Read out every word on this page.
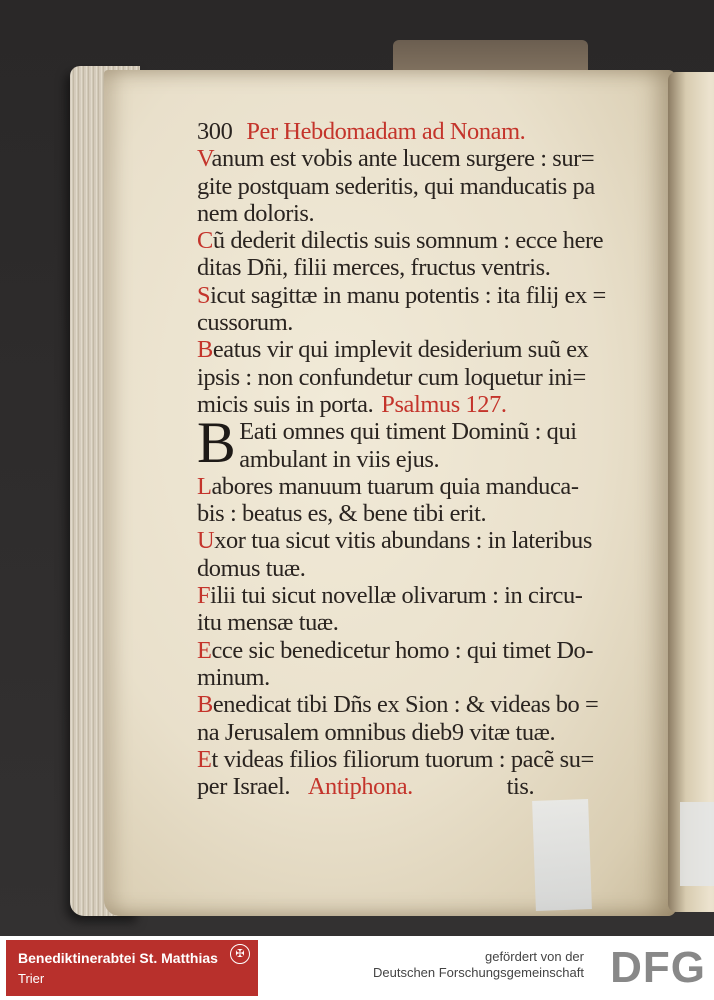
300 Per Hebdomadam ad Nonam.
Vanum est vobis ante lucem surgere : sur=
gite postquam sederitis, qui manducatis pa
nem doloris.
Cũ dederit dilectis suis somnum : ecce here
ditas Dñi, filii merces, fructus ventris.
Sicut sagittæ in manu potentis : ita filij ex =
cussorum.
Beatus vir qui implevit desiderium suũ ex
ipsis : non confundetur cum loquetur ini=
micis suis in porta. Psalmus 127.
B Eati omnes qui timent Dominũ : qui
ambulant in viis ejus.
Labores manuum tuarum quia manduca-
bis : beatus es, & bene tibi erit.
Uxor tua sicut vitis abundans : in lateribus
domus tuæ.
Filii tui sicut novellæ olivarum : in circu-
itu mensæ tuæ.
Ecce sic benedicetur homo : qui timet Do-
minum.
Benedicat tibi Dñs ex Sion : & videas bo =
na Jerusalem omnibus dieb9 vitæ tuæ.
Et videas filios filiorum tuorum : pacẽ su=
per Israel. Antiphona.	tis.
Benediktinerabtei St. Matthias
Trier
✠	gefördert von der
Deutschen Forschungsgemeinschaft DFG
